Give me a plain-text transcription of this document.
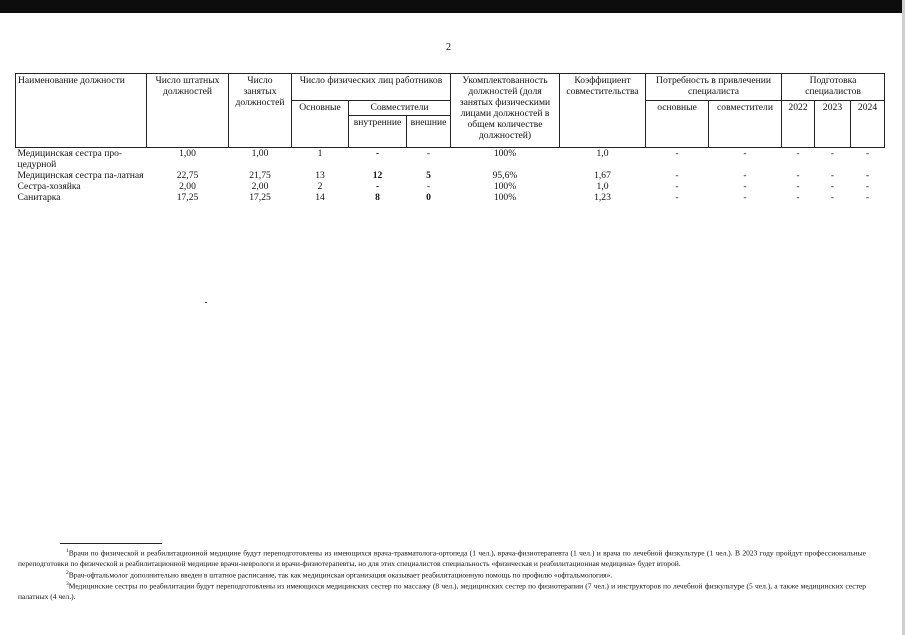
2
Наименование должности	Число штатных должностей	Число занятых должностей	Число физических лиц работников			Укомплектованность должностей (доля занятых физическими лицами должностей в общем количестве должностей)	Коэффициент совместительства	Потребность в привлечении специалиста		Подготовка специалистов		
			Основные	Совместители				основные	совместители	2022	2023	2024
				внутренние	внешние							
Медицинская сестра про-цедурной	1,00	1,00	1	-	-	100%	1,0	-	-	-	-	-
Медицинская сестра па-латная	22,75	21,75	13	12	5	95,6%	1,67	-	-	-	-	-
Сестра-хозяйка	2,00	2,00	2	-	-	100%	1,0	-	-	-	-	-
Санитарка	17,25	17,25	14	8	0	100%	1,23	-	-	-	-	-

$^1$Врачи по физической и реабилитационной медицине будут переподготовлены из имеющихся врача-травматолога-ортопеда (1 чел.), врача-физиотерапевта (1 чел.) и врача по лечебной физкультуре (1 чел.). В 2023 году пройдут профессиональные переподготовки по физической и реабилитационной медицине врачи-неврологи и врачи-физиотерапевты, но для этих специалистов специальность «физическая и реабилитационная медицина» будет второй.

$^2$Врач-офтальмолог дополнительно введен в штатное расписание, так как медицинская организация оказывает реабилитационную помощь по профилю «офтальмология».

$^3$Медицинские сестры по реабилитации будут переподготовлены из имеющихся медицинских сестер по массажу (8 чел.), медицинских сестер по физиотерапии (7 чел.) и инструкторов по лечебной физкультуре (5 чел.), а также медицинских сестер палатных (4 чел.).
